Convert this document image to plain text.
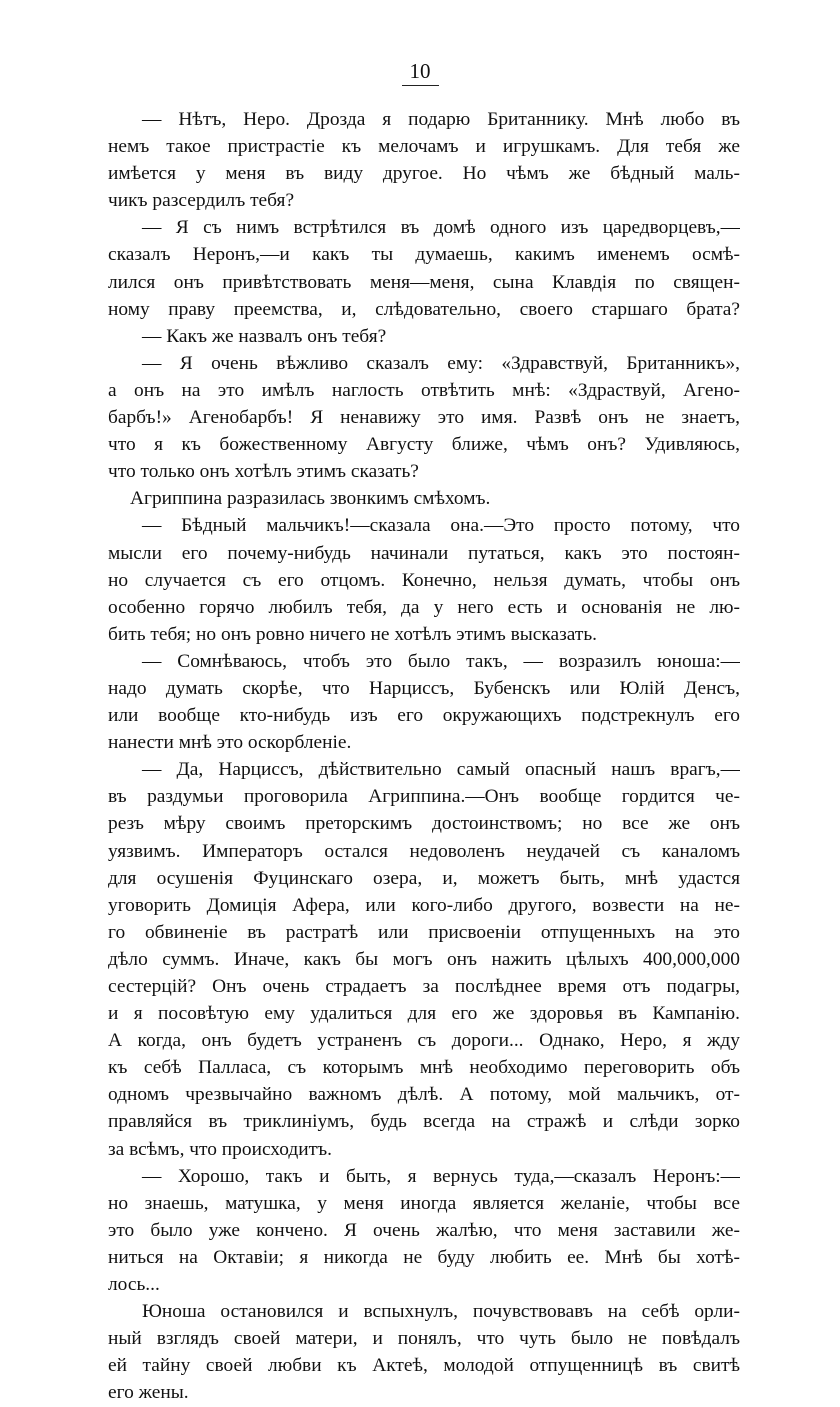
10
— Нѣтъ, Неро. Дрозда я подарю Британнику. Мнѣ любо въ
немъ такое пристрастіе къ мелочамъ и игрушкамъ. Для тебя же
имѣется у меня въ виду другое. Но чѣмъ же бѣдный маль-
чикъ разсердилъ тебя?
— Я съ нимъ встрѣтился въ домѣ одного изъ царедворцевъ,—
сказалъ Неронъ,—и какъ ты думаешь, какимъ именемъ осмѣ-
лился онъ привѣтствовать меня—меня, сына Клавдія по священ-
ному праву преемства, и, слѣдовательно, своего старшаго брата?
— Какъ же назвалъ онъ тебя?
— Я очень вѣжливо сказалъ ему: «Здравствуй, Британникъ»,
а онъ на это имѣлъ наглость отвѣтить мнѣ: «Здраствуй, Агено-
барбъ!» Агенобарбъ! Я ненавижу это имя. Развѣ онъ не знаетъ,
что я къ божественному Августу ближе, чѣмъ онъ? Удивляюсь,
что только онъ хотѣлъ этимъ сказать?
Агриппина разразилась звонкимъ смѣхомъ.
— Бѣдный мальчикъ!—сказала она.—Это просто потому, что
мысли его почему-нибудь начинали путаться, какъ это постоян-
но случается съ его отцомъ. Конечно, нельзя думать, чтобы онъ
особенно горячо любилъ тебя, да у него есть и основанія не лю-
бить тебя; но онъ ровно ничего не хотѣлъ этимъ высказать.
— Сомнѣваюсь, чтобъ это было такъ, — возразилъ юноша:—
надо думать скорѣе, что Нарциссъ, Бубенскъ или Юлій Денсъ,
или вообще кто-нибудь изъ его окружающихъ подстрекнулъ его
нанести мнѣ это оскорбленіе.
— Да, Нарциссъ, дѣйствительно самый опасный нашъ врагъ,—
въ раздумьи проговорила Агриппина.—Онъ вообще гордится че-
резъ мѣру своимъ преторскимъ достоинствомъ; но все же онъ
уязвимъ. Императоръ остался недоволенъ неудачей съ каналомъ
для осушенія Фуцинскаго озера, и, можетъ быть, мнѣ удастся
уговорить Домиція Афера, или кого-либо другого, возвести на не-
го обвиненіе въ растратѣ или присвоеніи отпущенныхъ на это
дѣло суммъ. Иначе, какъ бы могъ онъ нажить цѣлыхъ 400,000,000
сестерцій? Онъ очень страдаетъ за послѣднее время отъ подагры,
и я посовѣтую ему удалиться для его же здоровья въ Кампанію.
А когда, онъ будетъ устраненъ съ дороги... Однако, Неро, я жду
къ себѣ Палласа, съ которымъ мнѣ необходимо переговорить объ
одномъ чрезвычайно важномъ дѣлѣ. А потому, мой мальчикъ, от-
правляйся въ триклиніумъ, будь всегда на стражѣ и слѣди зорко
за всѣмъ, что происходитъ.
— Хорошо, такъ и быть, я вернусь туда,—сказалъ Неронъ:—
но знаешь, матушка, у меня иногда является желаніе, чтобы все
это было уже кончено. Я очень жалѣю, что меня заставили же-
ниться на Октавіи; я никогда не буду любить ее. Мнѣ бы хотѣ-
лось...
Юноша остановился и вспыхнулъ, почувствовавъ на себѣ орли-
ный взглядъ своей матери, и понялъ, что чуть было не повѣдалъ
ей тайну своей любви къ Актеѣ, молодой отпущенницѣ въ свитѣ
его жены.
